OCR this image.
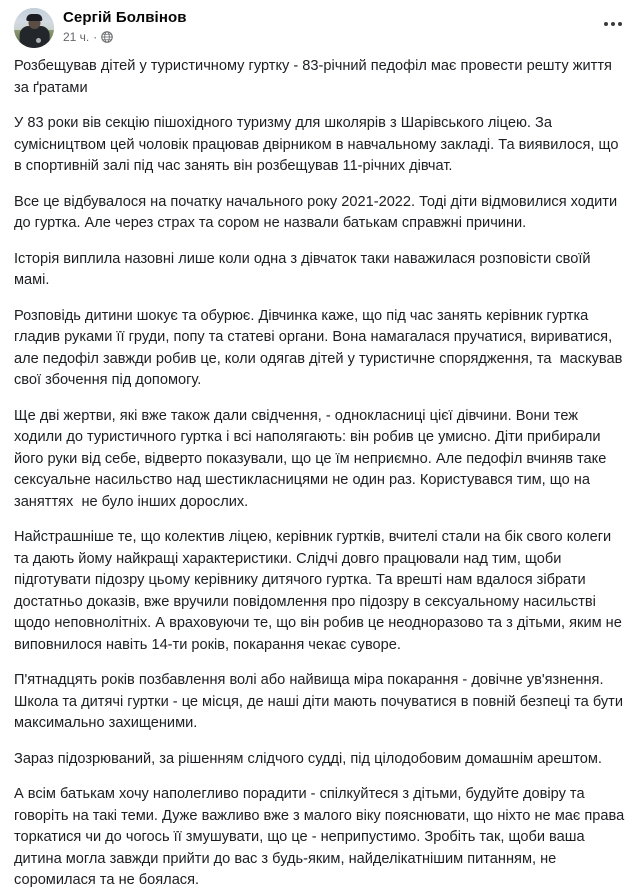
Сергій Болвінов
21 ч. ·

Розбещував дітей у туристичному гуртку - 83-річний педофіл має провести решту життя за ґратами

У 83 роки вів секцію пішохідного туризму для школярів з Шарівського ліцею. За сумісництвом цей чоловік працював двірником в навчальному закладі. Та виявилося, що в спортивній залі під час занять він розбещував 11-річних дівчат.

Все це відбувалося на початку начального року 2021-2022. Тоді діти відмовилися ходити до гуртка. Але через страх та сором не назвали батькам справжні причини.

Історія виплила назовні лише коли одна з дівчаток таки наважилася розповісти своїй мамі.

Розповідь дитини шокує та обурює. Дівчинка каже, що під час занять керівник гуртка гладив руками її груди, попу та статеві органи. Вона намагалася пручатися, вириватися, але педофіл завжди робив це, коли одягав дітей у туристичне спорядження, та  маскував свої збочення під допомогу.

Ще дві жертви, які вже також дали свідчення, - однокласниці цієї дівчини. Вони теж ходили до туристичного гуртка і всі наполягають: він робив це умисно. Діти прибирали його руки від себе, відверто показували, що це їм неприємно. Але педофіл вчиняв таке сексуальне насильство над шестикласницями не один раз. Користувався тим, що на заняттях  не було інших дорослих.

Найстрашніше те, що колектив ліцею, керівник гуртків, вчителі стали на бік свого колеги та дають йому найкращі характеристики. Слідчі довго працювали над тим, щоби підготувати підозру цьому керівнику дитячого гуртка. Та врешті нам вдалося зібрати достатньо доказів, вже вручили повідомлення про підозру в сексуальному насильстві щодо неповнолітніх. А враховуючи те, що він робив це неодноразово та з дітьми, яким не виповнилося навіть 14-ти років, покарання чекає суворе.

П'ятнадцять років позбавлення волі або найвища міра покарання - довічне ув'язнення. Школа та дитячі гуртки - це місця, де наші діти мають почуватися в повній безпеці та бути максимально захищеними.

Зараз підозрюваний, за рішенням слідчого судді, під цілодобовим домашнім арештом.

А всім батькам хочу наполегливо порадити - спілкуйтеся з дітьми, будуйте довіру та говоріть на такі теми. Дуже важливо вже з малого віку пояснювати, що ніхто не має права торкатися чи до чогось її змушувати, що це - неприпустимо. Зробіть так, щоби ваша дитина могла завжди прийти до вас з будь-яким, найделікатнішим питанням, не соромилася та не боялася.
